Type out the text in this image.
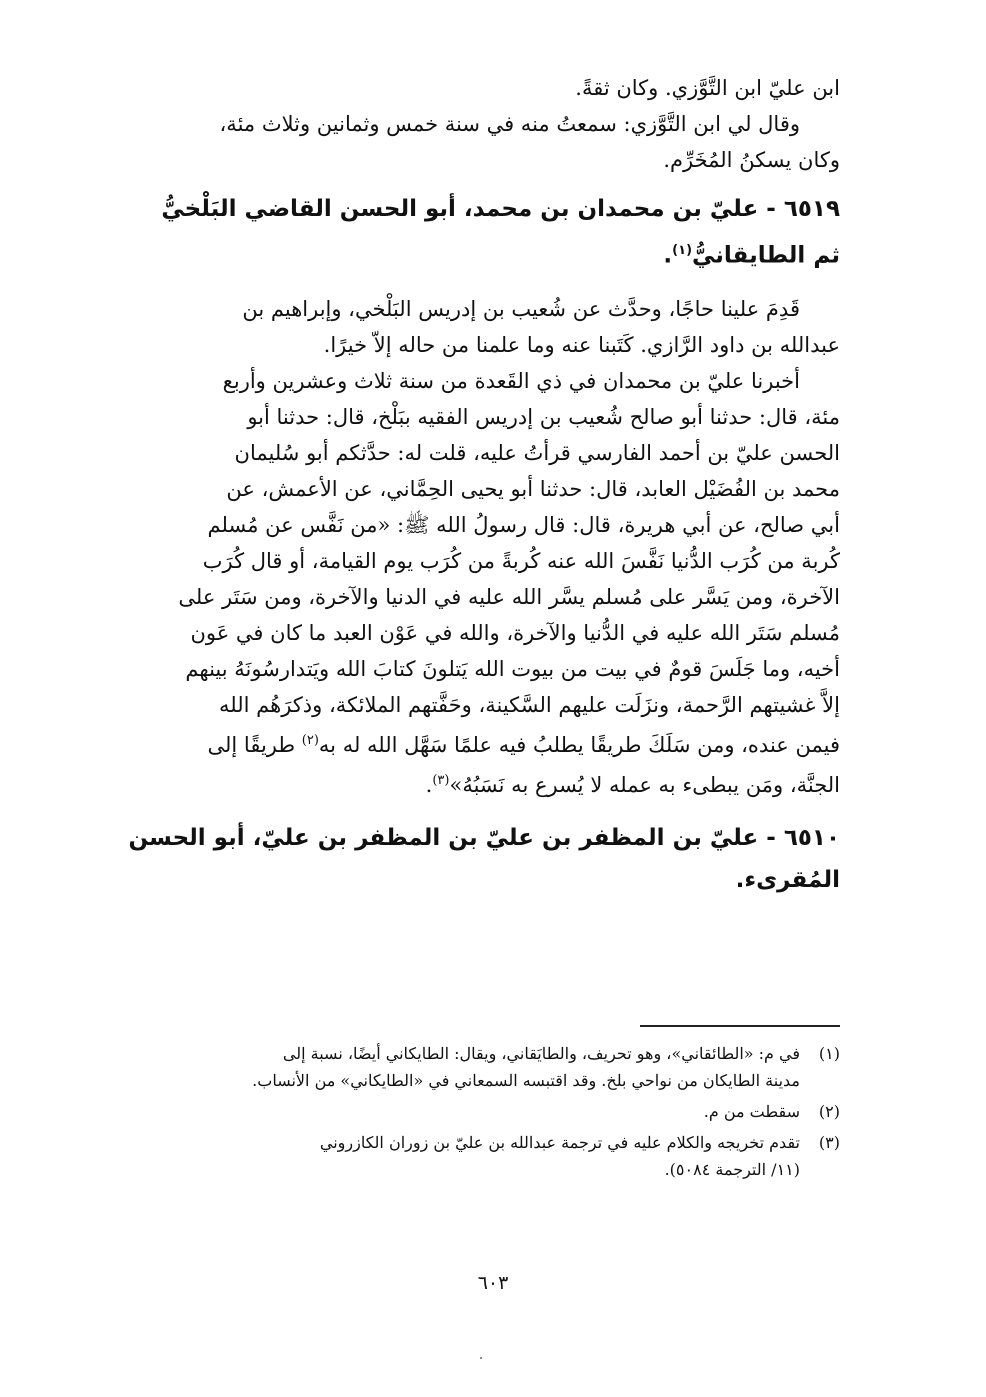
ابن عليّ ابن التَّوَّزي. وكان ثقةً.
وقال لي ابن التَّوَّزي: سمعتُ منه في سنة خمس وثمانين وثلاث مئة،
وكان يسكنُ المُخَرِّم.
٦٥١٩ - عليّ بن محمدان بن محمد، أبو الحسن القاضي البَلْخيُّ
ثم الطايقانيُّ$^{(١)}$.
قَدِمَ علينا حاجًا، وحدَّث عن شُعيب بن إدريس البَلْخي، وإبراهيم بن
عبدالله بن داود الرَّازي. كَتَبنا عنه وما علمنا من حاله إلاّ خيرًا.
أخبرنا عليّ بن محمدان في ذي القَعدة من سنة ثلاث وعشرين وأربع
مئة، قال: حدثنا أبو صالح شُعيب بن إدريس الفقيه ببَلْخ، قال: حدثنا أبو
الحسن عليّ بن أحمد الفارسي قرأتُ عليه، قلت له: حدَّثكم أبو سُليمان
محمد بن الفُضَيْل العابد، قال: حدثنا أبو يحيى الحِمَّاني، عن الأعمش، عن
أبي صالح، عن أبي هريرة، قال: قال رسولُ الله ﷺ: «من نَفَّس عن مُسلم
كُربة من كُرَب الدُّنيا نَفَّسَ الله عنه كُربةً من كُرَب يوم القيامة، أو قال كُرَب
الآخرة، ومن يَسَّر على مُسلم يسَّر الله عليه في الدنيا والآخرة، ومن سَتَر على
مُسلم سَتَر الله عليه في الدُّنيا والآخرة، والله في عَوْن العبد ما كان في عَون
أخيه، وما جَلَسَ قومٌ في بيت من بيوت الله يَتلونَ كتابَ الله ويَتدارسُونَهُ بينهم
إلاَّ غشيتهم الرَّحمة، ونزَلَت عليهم السَّكينة، وحَفَّتهم الملائكة، وذكرَهُم الله
فيمن عنده، ومن سَلَكَ طريقًا يطلبُ فيه علمًا سَهَّل الله له به$^{(٢)}$ طريقًا إلى
الجنَّة، ومَن يبطىء به عمله لا يُسرع به نَسَبُهُ»$^{(٣)}$.
٦٥١٠ - عليّ بن المظفر بن عليّ بن المظفر بن عليّ، أبو الحسن
المُقرىء.
(١)
في م: «الطائقاني»، وهو تحريف، والطايَقاني، ويقال: الطايكاني أيضًا، نسبة إلى
مدينة الطايكان من نواحي بلخ. وقد اقتبسه السمعاني في «الطايكاني» من الأنساب.
(٢)
سقطت من م.
(٣)
تقدم تخريجه والكلام عليه في ترجمة عبدالله بن عليّ بن زوران الكازروني
(١١/ الترجمة ٥٠٨٤).
٦٠٣
